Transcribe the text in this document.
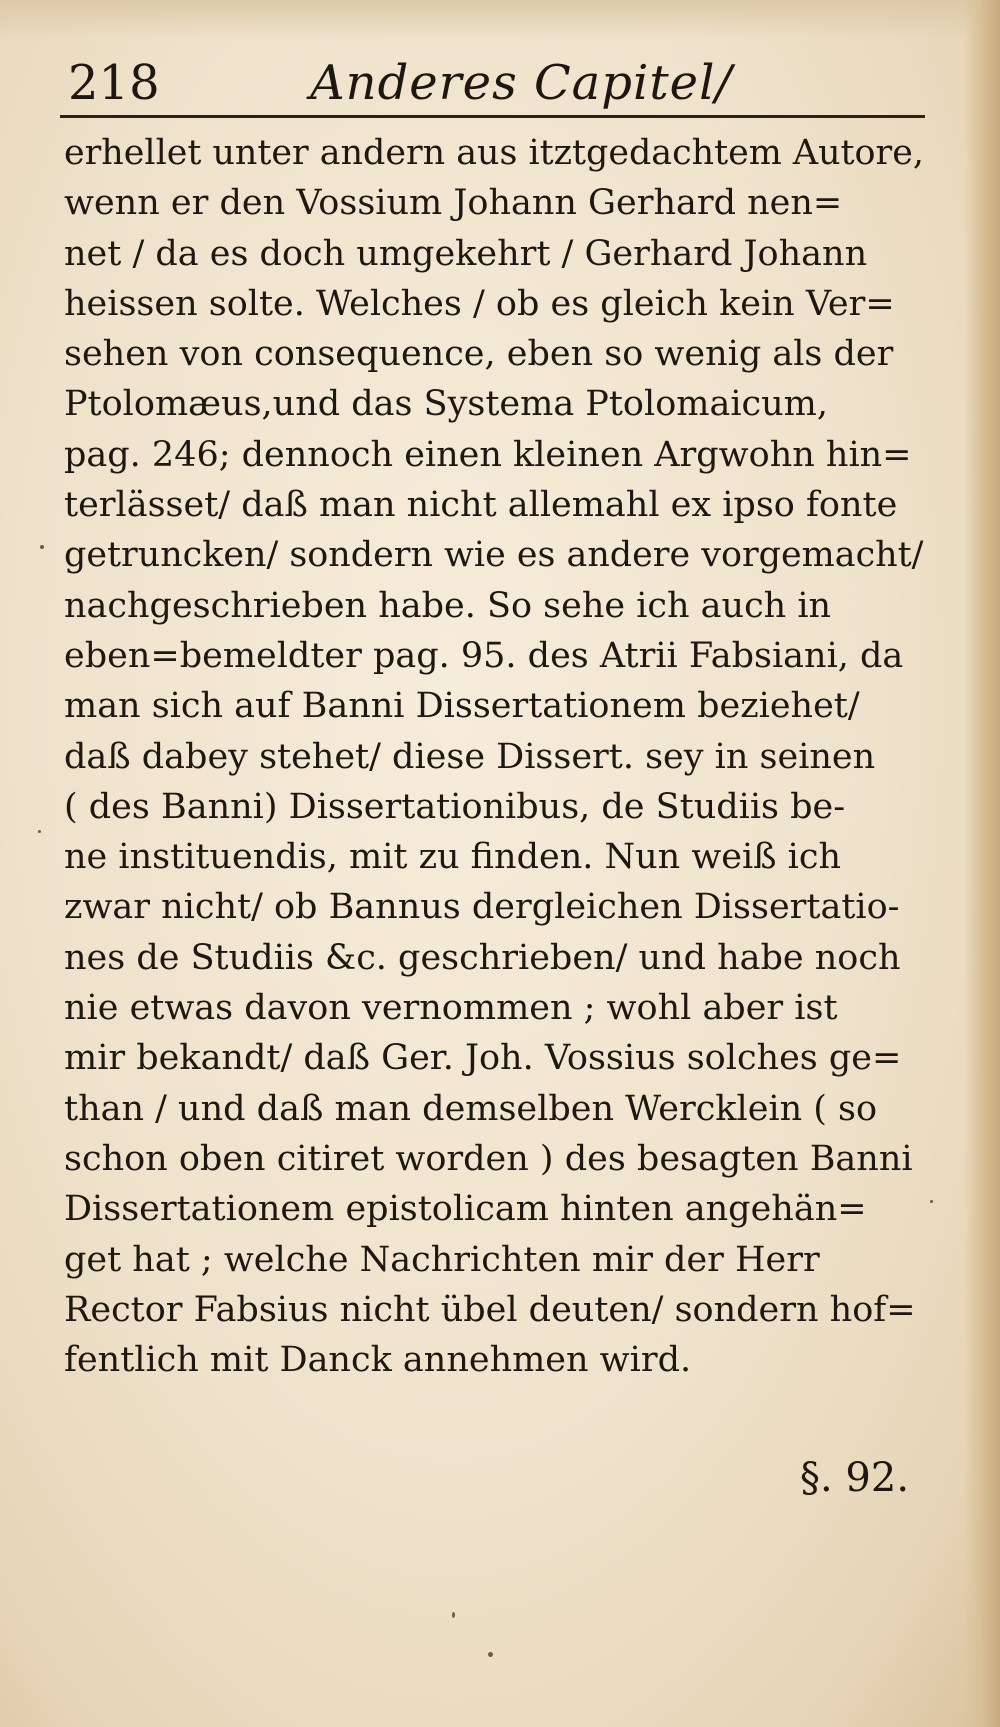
218	Anderes Capitel/
erhellet unter andern aus itztgedachtem Autore,
wenn er den Vossium Johann Gerhard nen=
net / da es doch umgekehrt / Gerhard Johann
heissen solte. Welches / ob es gleich kein Ver=
sehen von consequence, eben so wenig als der
Ptolomæus,und das Systema Ptolomaicum,
pag. 246; dennoch einen kleinen Argwohn hin=
terlässet/ daß man nicht allemahl ex ipso fonte
getruncken/ sondern wie es andere vorgemacht/
nachgeschrieben habe. So sehe ich auch in
eben=bemeldter pag. 95. des Atrii Fabsiani, da
man sich auf Banni Dissertationem beziehet/
daß dabey stehet/ diese Dissert. sey in seinen
( des Banni) Dissertationibus, de Studiis be-
ne instituendis, mit zu finden. Nun weiß ich
zwar nicht/ ob Bannus dergleichen Dissertatio-
nes de Studiis &c. geschrieben/ und habe noch
nie etwas davon vernommen ; wohl aber ist
mir bekandt/ daß Ger. Joh. Vossius solches ge=
than / und daß man demselben Wercklein ( so
schon oben citiret worden ) des besagten Banni
Dissertationem epistolicam hinten angehän=
get hat ; welche Nachrichten mir der Herr
Rector Fabsius nicht übel deuten/ sondern hof=
fentlich mit Danck annehmen wird.
§. 92.
